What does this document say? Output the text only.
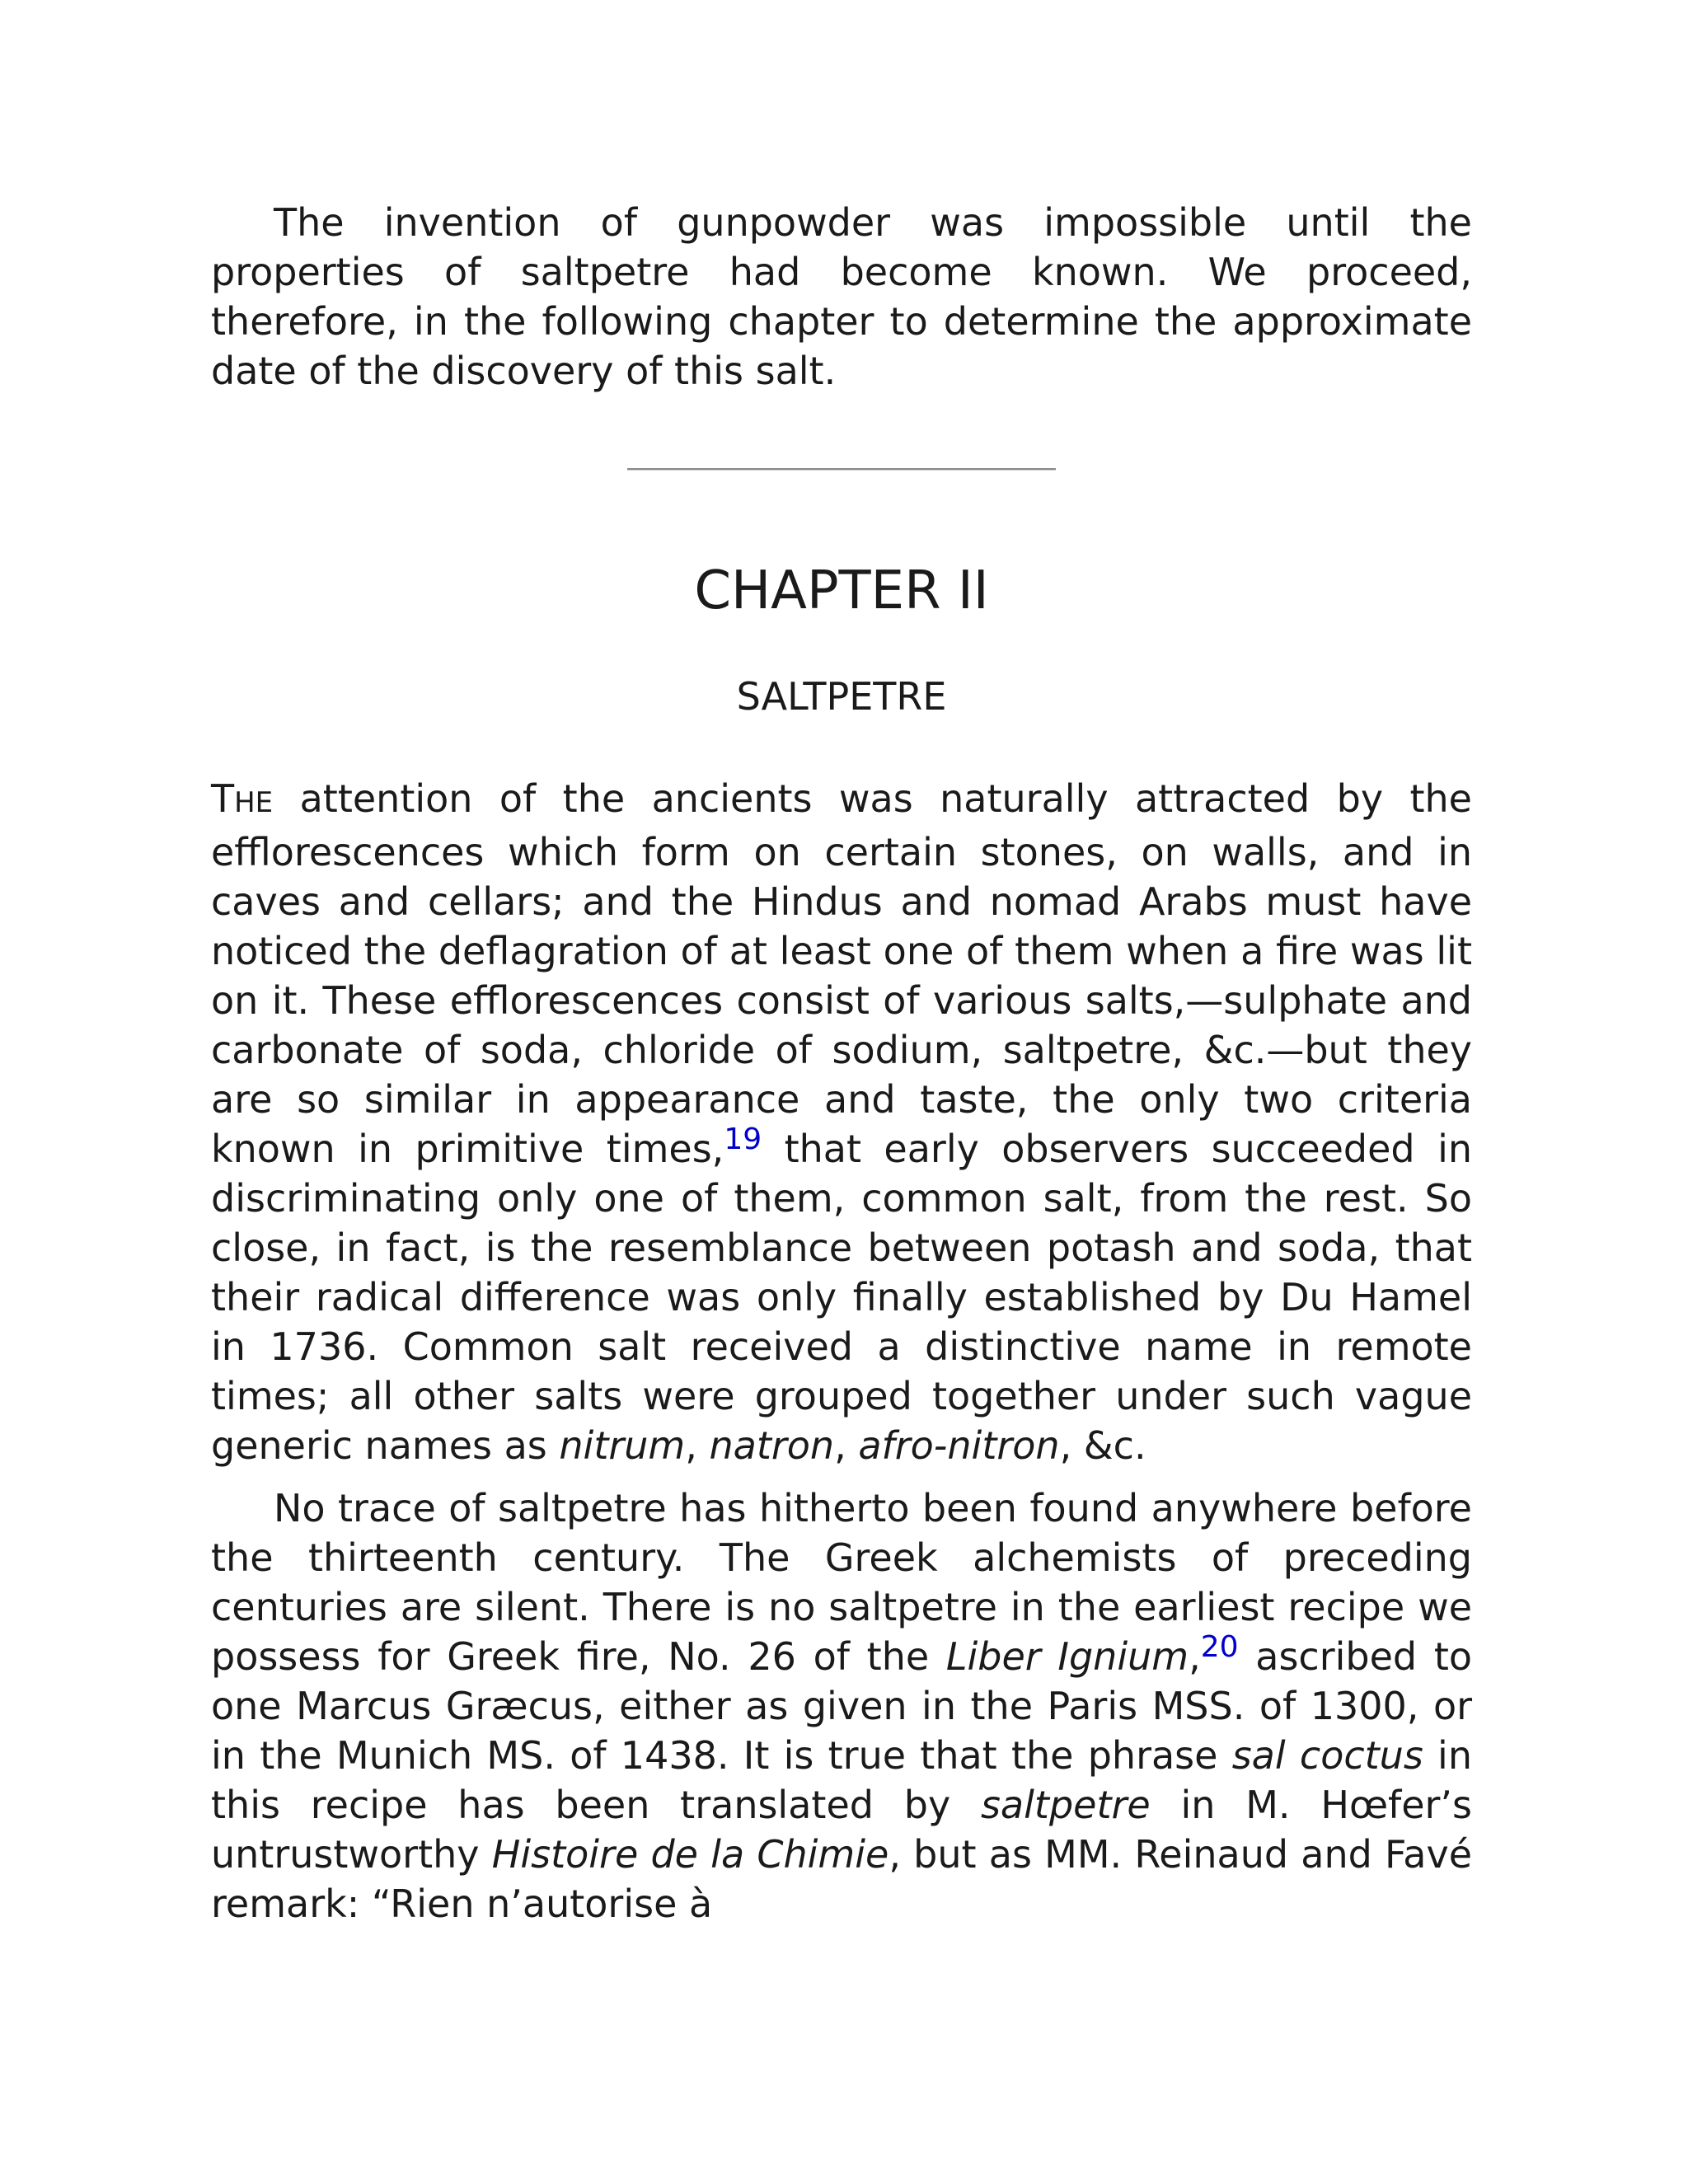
The invention of gunpowder was impossible until the properties of saltpetre had become known. We proceed, therefore, in the following chapter to determine the approximate date of the discovery of this salt.

CHAPTER II
SALTPETRE

THE attention of the ancients was naturally attracted by the efflorescences which form on certain stones, on walls, and in caves and cellars; and the Hindus and nomad Arabs must have noticed the deflagration of at least one of them when a fire was lit on it. These efflorescences consist of various salts,—sulphate and carbonate of soda, chloride of sodium, saltpetre, &c.—but they are so similar in appearance and taste, the only two criteria known in primitive times,$^{19}$ that early observers succeeded in discriminating only one of them, common salt, from the rest. So close, in fact, is the resemblance between potash and soda, that their radical difference was only finally established by Du Hamel in 1736. Common salt received a distinctive name in remote times; all other salts were grouped together under such vague generic names as nitrum, natron, afro-nitron, &c.

No trace of saltpetre has hitherto been found anywhere before the thirteenth century. The Greek alchemists of preceding centuries are silent. There is no saltpetre in the earliest recipe we possess for Greek fire, No. 26 of the Liber Ignium,$^{20}$ ascribed to one Marcus Græcus, either as given in the Paris MSS. of 1300, or in the Munich MS. of 1438. It is true that the phrase sal coctus in this recipe has been translated by saltpetre in M. Hœfer’s untrustworthy Histoire de la Chimie, but as MM. Reinaud and Favé remark: “Rien n’autorise à
